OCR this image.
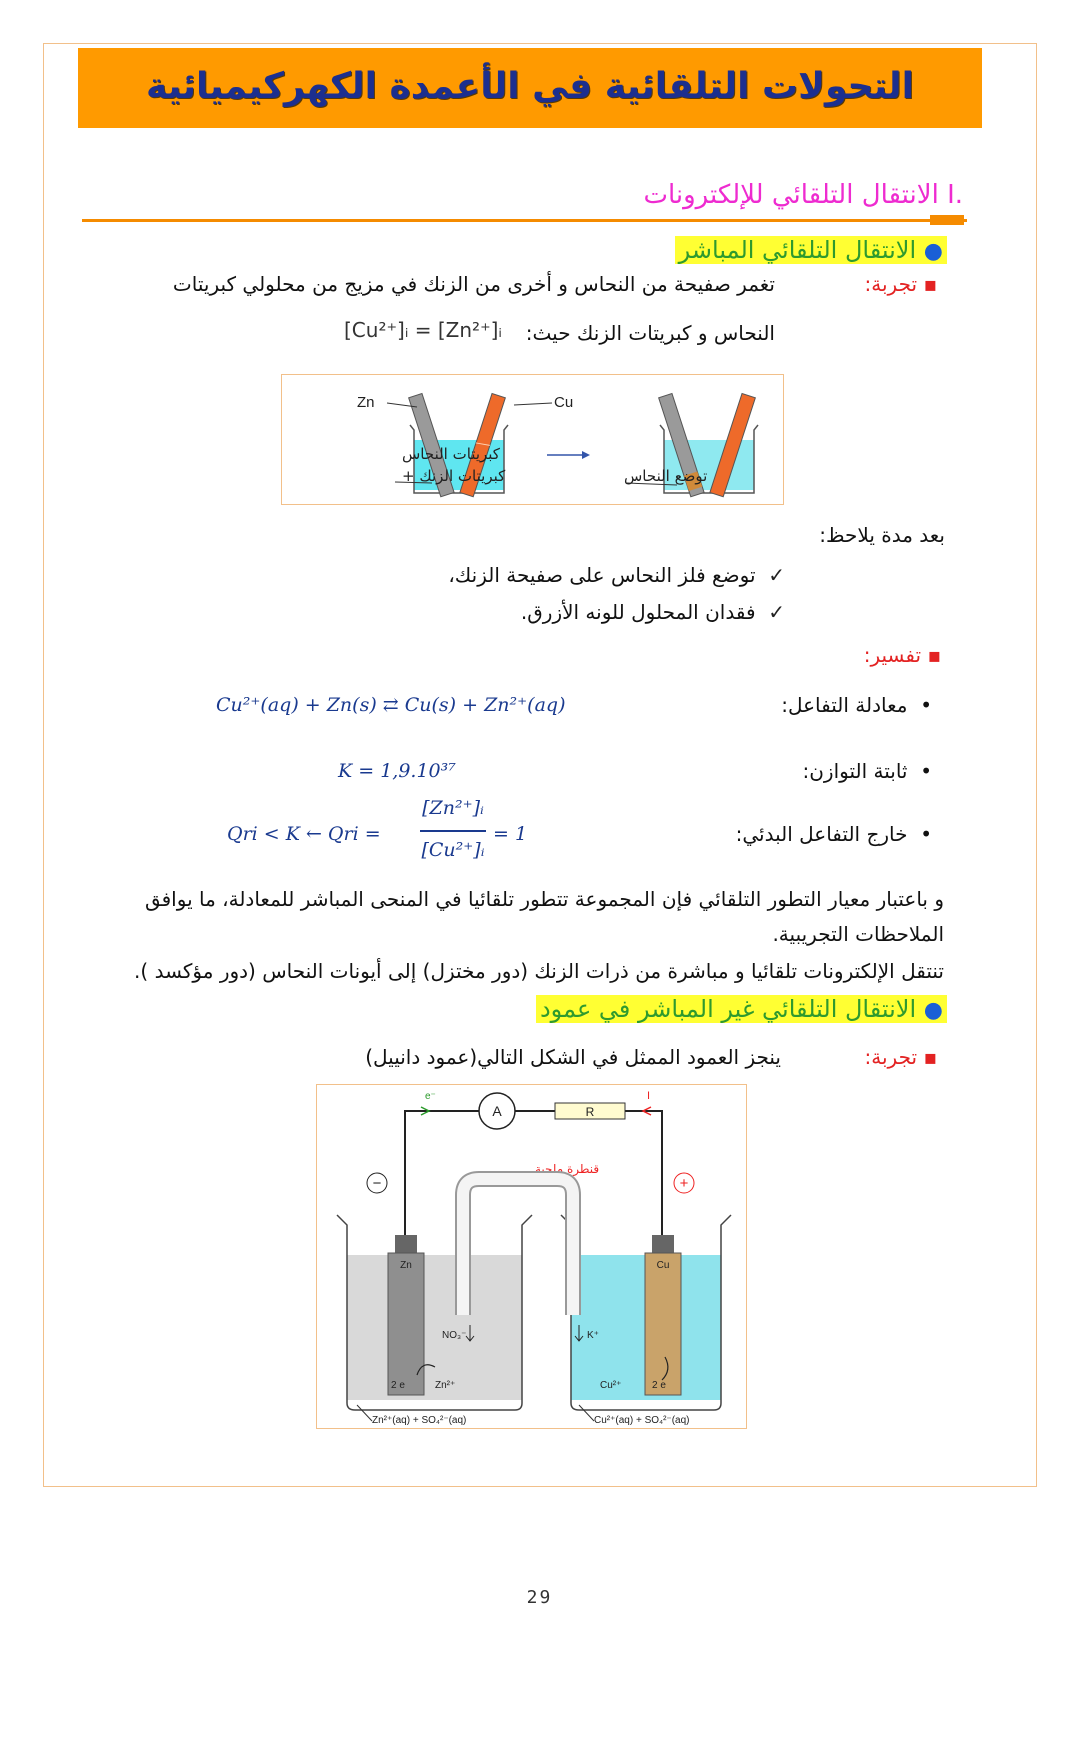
التحولات التلقائية في الأعمدة الكهركيميائية
.I الانتقال التلقائي للإلكترونات
● الانتقال التلقائي المباشر
▪ تجربة:
تغمر صفيحة من النحاس و أخرى من الزنك في مزيج من محلولي كبريتات
النحاس و كبريتات الزنك حيث:
[Cu²⁺]ᵢ = [Zn²⁺]ᵢ
Zn	Cu
كبريتات النحاس
كبريتات الزنك +	توضع النحاس
بعد مدة يلاحظ:
✓  توضع فلز النحاس على صفيحة الزنك،
✓  فقدان المحلول للونه الأزرق.
▪ تفسير:
•  معادلة التفاعل:
Cu²⁺(aq) + Zn(s) ⇄ Cu(s) + Zn²⁺(aq)
•  ثابتة التوازن:
K = 1,9.10³⁷
•  خارج التفاعل البدئي:
Qri < K ← Qri =
[Zn²⁺]ᵢ
[Cu²⁺]ᵢ
= 1
و باعتبار معيار التطور التلقائي فإن المجموعة تتطور تلقائيا في المنحى المباشر للمعادلة، ما يوافق
الملاحظات التجريبية.
تنتقل الإلكترونات تلقائيا و مباشرة من ذرات الزنك (دور مختزل) إلى أيونات النحاس (دور مؤكسد ).
● الانتقال التلقائي غير المباشر في عمود
▪ تجربة:
ينجز العمود الممثل في الشكل التالي(عمود دانييل)
A	R
e⁻	I
−	+
قنطرة ملحية
Zn	Cu
NO₃⁻	K⁺
2 e	Zn²⁺	Cu²⁺	2 e
Zn²⁺(aq) + SO₄²⁻(aq)	Cu²⁺(aq) + SO₄²⁻(aq)
29
